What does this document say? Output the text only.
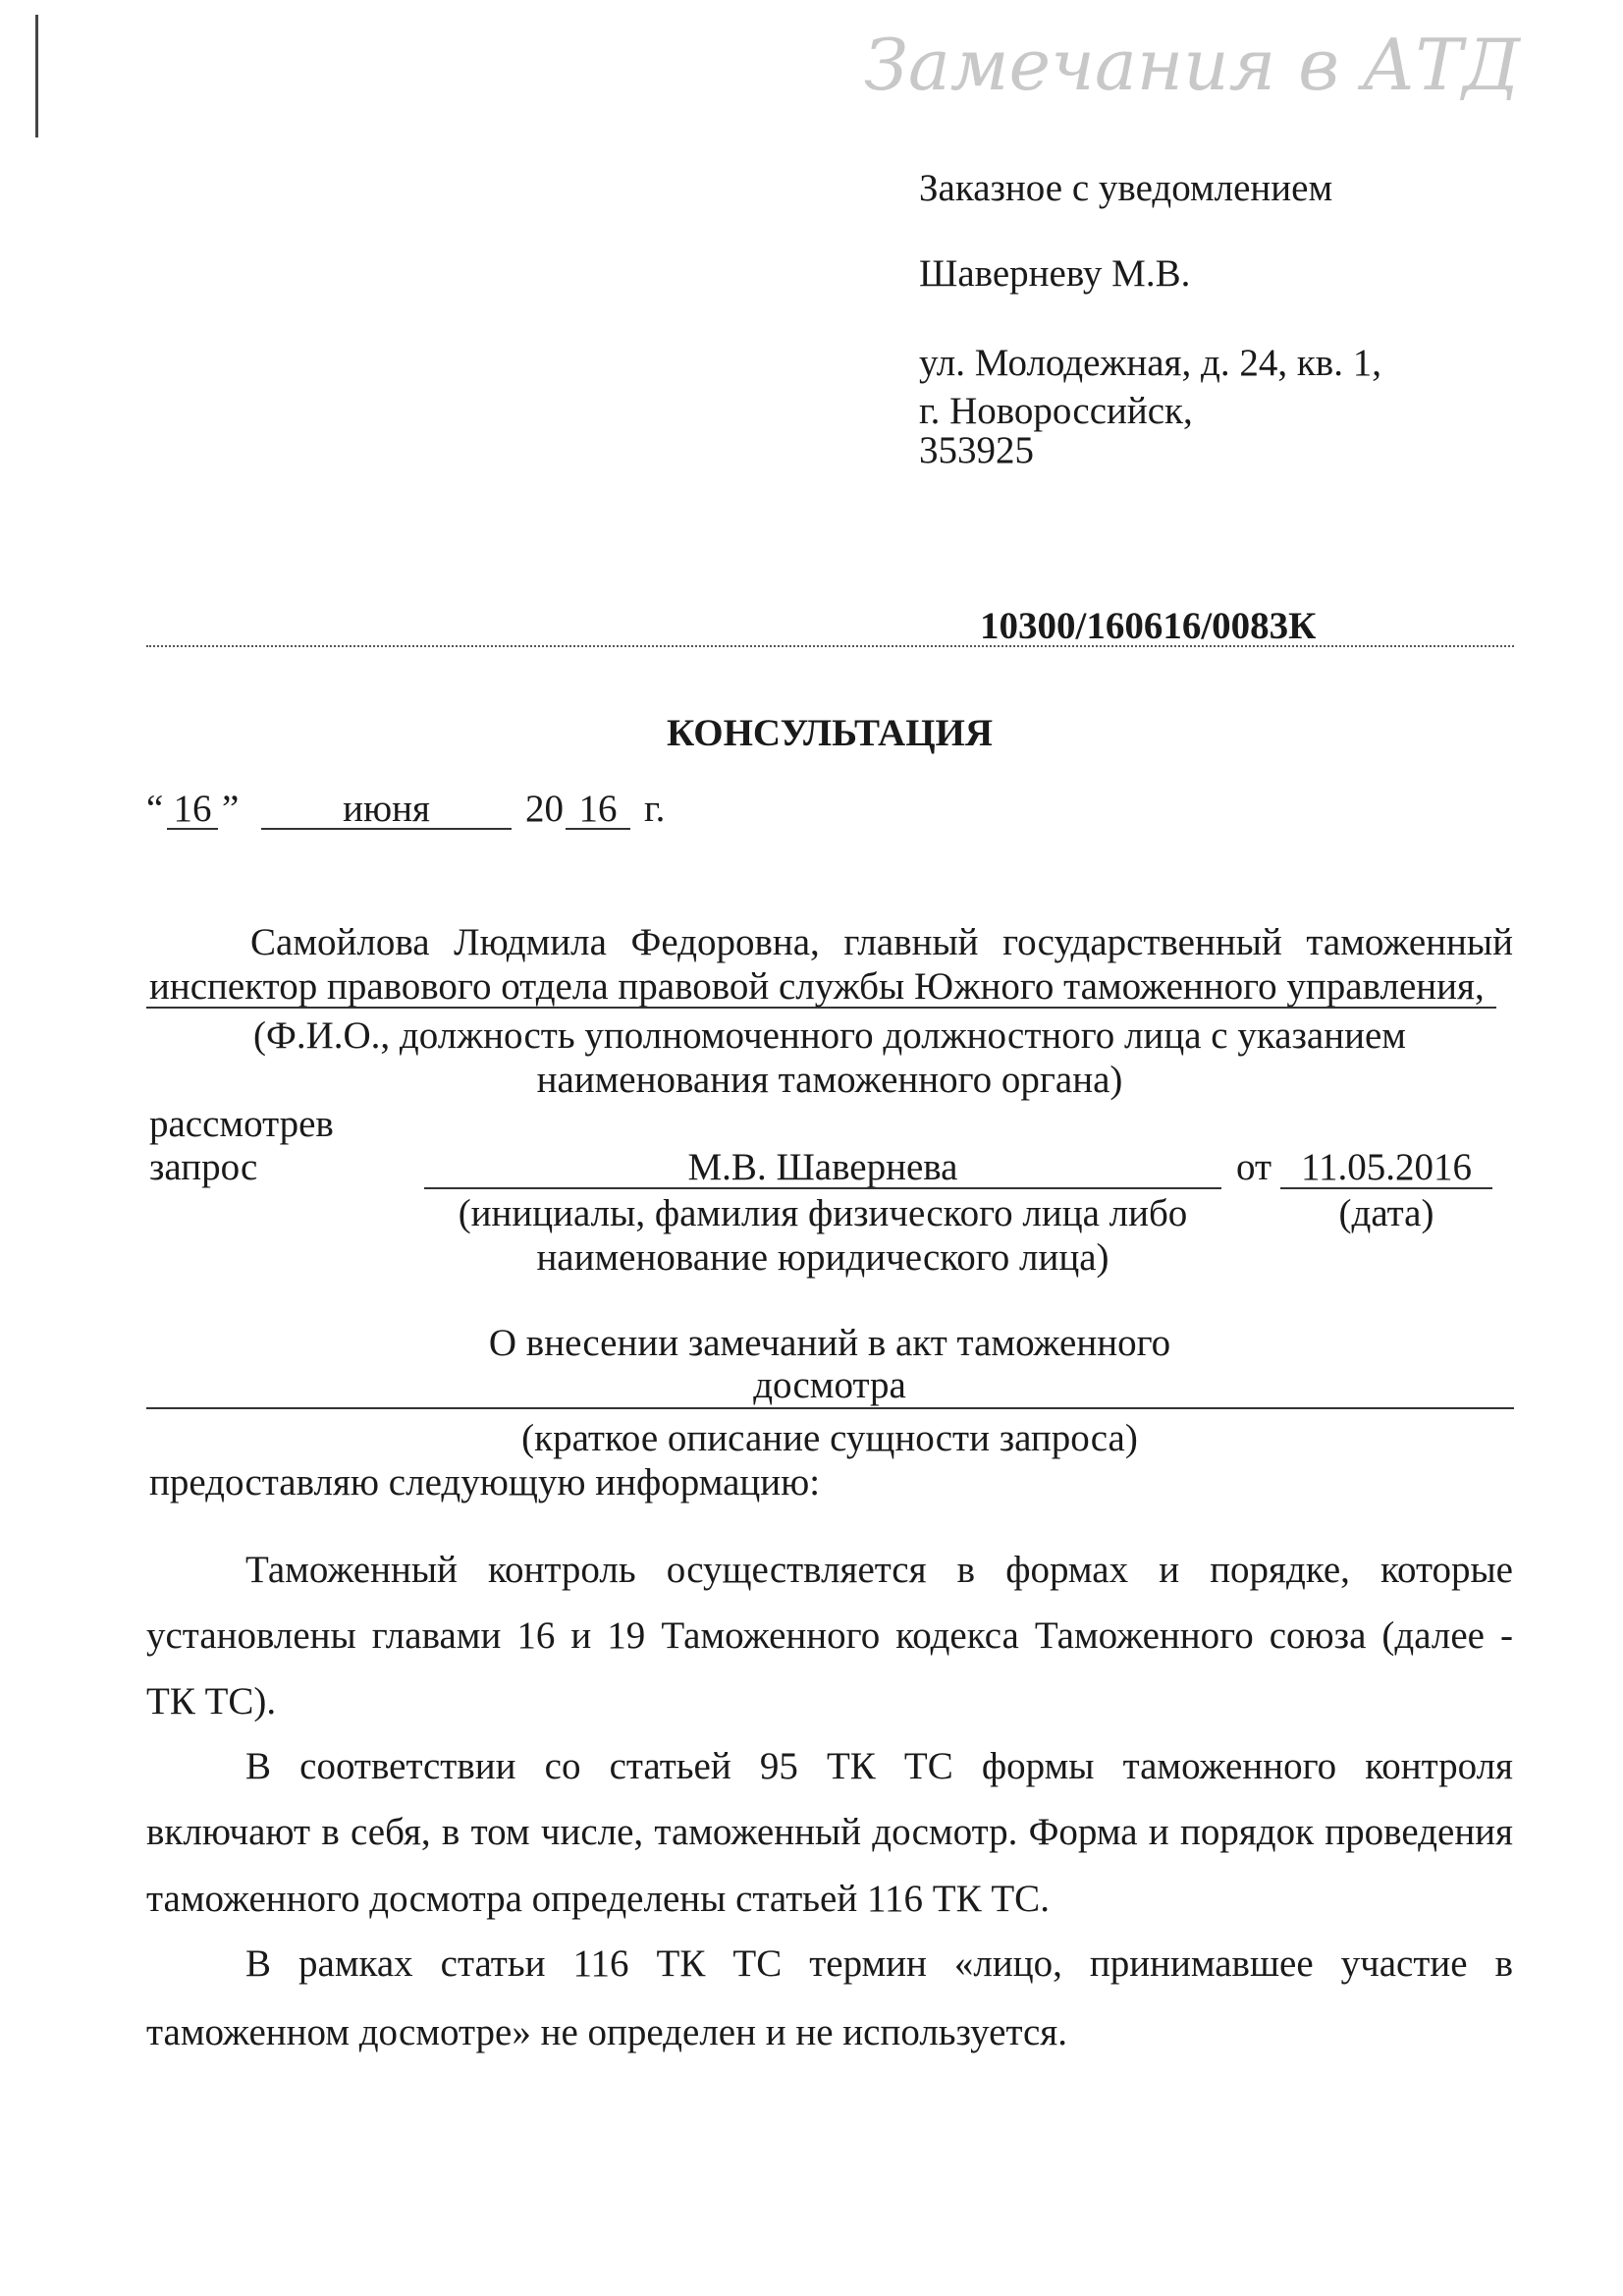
Замечания в АТД
Заказное с уведомлением
Шаверневу М.В.
ул. Молодежная, д. 24, кв. 1,
г. Новороссийск,
353925
10300/160616/0083К
КОНСУЛЬТАЦИЯ
“ 16 ”	июня	20 16 г.
Самойлова Людмила Федоровна, главный государственный таможенный
инспектор правового отдела правовой службы Южного таможенного управления,
(Ф.И.О., должность уполномоченного должностного лица с указанием
наименования таможенного органа)
рассмотрев
запрос	М.В. Шавернева	от 11.05.2016
(инициалы, фамилия физического лица либо
наименование юридического лица)
(дата)
О внесении замечаний в акт таможенного
досмотра
(краткое описание сущности запроса)
предоставляю следующую информацию:
Таможенный контроль осуществляется в формах и порядке, которые
установлены главами 16 и 19 Таможенного кодекса Таможенного союза (далее -
ТК ТС).
В соответствии со статьей 95 ТК ТС формы таможенного контроля
включают в себя, в том числе, таможенный досмотр. Форма и порядок проведения
таможенного досмотра определены статьей 116 ТК ТС.
В рамках статьи 116 ТК ТС термин «лицо, принимавшее участие в
таможенном досмотре» не определен и не используется.
